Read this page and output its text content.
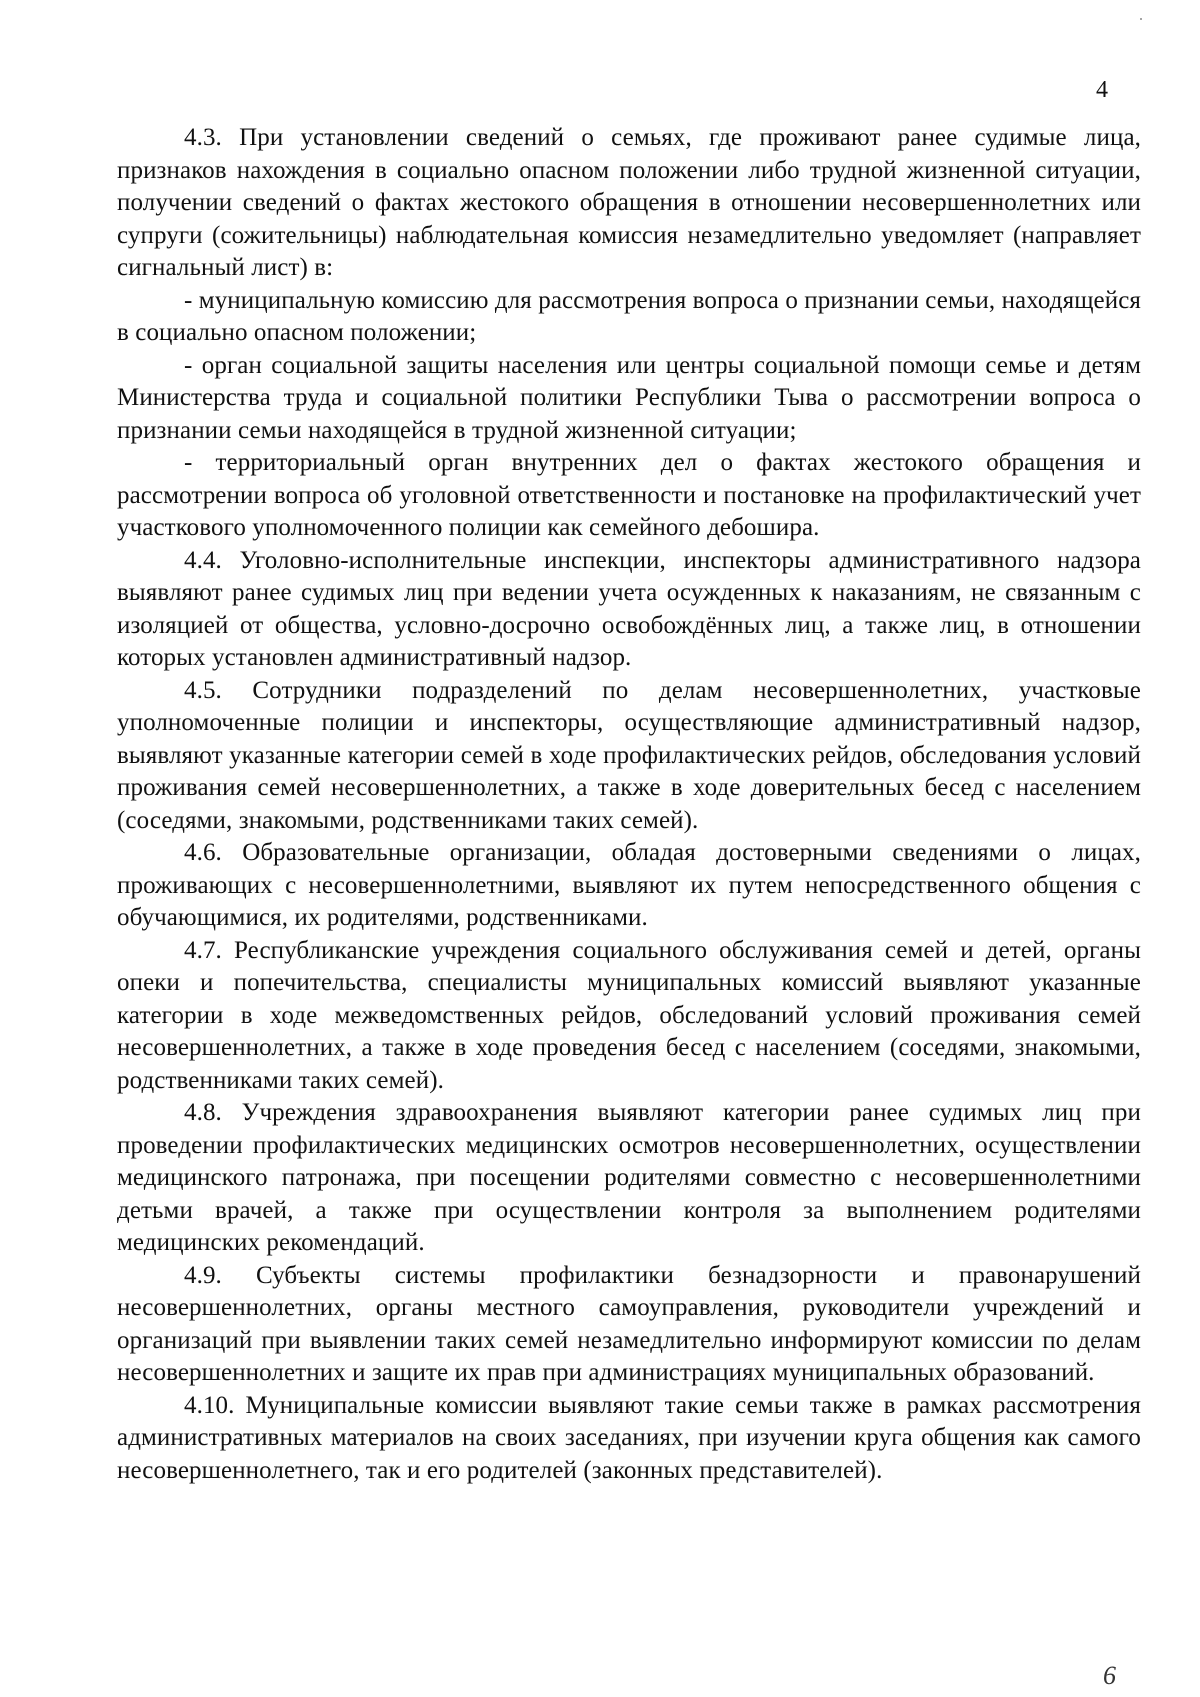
4

4.3. При установлении сведений о семьях, где проживают ранее судимые лица, признаков нахождения в социально опасном положении либо трудной жизненной ситуации, получении сведений о фактах жестокого обращения в отношении несовершеннолетних или супруги (сожительницы) наблюдательная комиссия незамедлительно уведомляет (направляет сигнальный лист) в:

- муниципальную комиссию для рассмотрения вопроса о признании семьи, находящейся в социально опасном положении;

- орган социальной защиты населения или центры социальной помощи семье и детям Министерства труда и социальной политики Республики Тыва о рассмотрении вопроса о признании семьи находящейся в трудной жизненной ситуации;

- территориальный орган внутренних дел о фактах жестокого обращения и рассмотрении вопроса об уголовной ответственности и постановке на профилактический учет участкового уполномоченного полиции как семейного дебошира.

4.4. Уголовно-исполнительные инспекции, инспекторы административного надзора выявляют ранее судимых лиц при ведении учета осужденных к наказаниям, не связанным с изоляцией от общества, условно-досрочно освобождённых лиц, а также лиц, в отношении которых установлен административный надзор.

4.5. Сотрудники подразделений по делам несовершеннолетних, участковые уполномоченные полиции и инспекторы, осуществляющие административный надзор, выявляют указанные категории семей в ходе профилактических рейдов, обследования условий проживания семей несовершеннолетних, а также в ходе доверительных бесед с населением (соседями, знакомыми, родственниками таких семей).

4.6. Образовательные организации, обладая достоверными сведениями о лицах, проживающих с несовершеннолетними, выявляют их путем непосредственного общения с обучающимися, их родителями, родственниками.

4.7. Республиканские учреждения социального обслуживания семей и детей, органы опеки и попечительства, специалисты муниципальных комиссий выявляют указанные категории в ходе межведомственных рейдов, обследований условий проживания семей несовершеннолетних, а также в ходе проведения бесед с населением (соседями, знакомыми, родственниками таких семей).

4.8. Учреждения здравоохранения выявляют категории ранее судимых лиц при проведении профилактических медицинских осмотров несовершеннолетних, осуществлении медицинского патронажа, при посещении родителями совместно с несовершеннолетними детьми врачей, а также при осуществлении контроля за выполнением родителями медицинских рекомендаций.

4.9. Субъекты системы профилактики безнадзорности и правонарушений несовершеннолетних, органы местного самоуправления, руководители учреждений и организаций при выявлении таких семей незамедлительно информируют комиссии по делам несовершеннолетних и защите их прав при администрациях муниципальных образований.

4.10. Муниципальные комиссии выявляют такие семьи также в рамках рассмотрения административных материалов на своих заседаниях, при изучении круга общения как самого несовершеннолетнего, так и его родителей (законных представителей).

6
